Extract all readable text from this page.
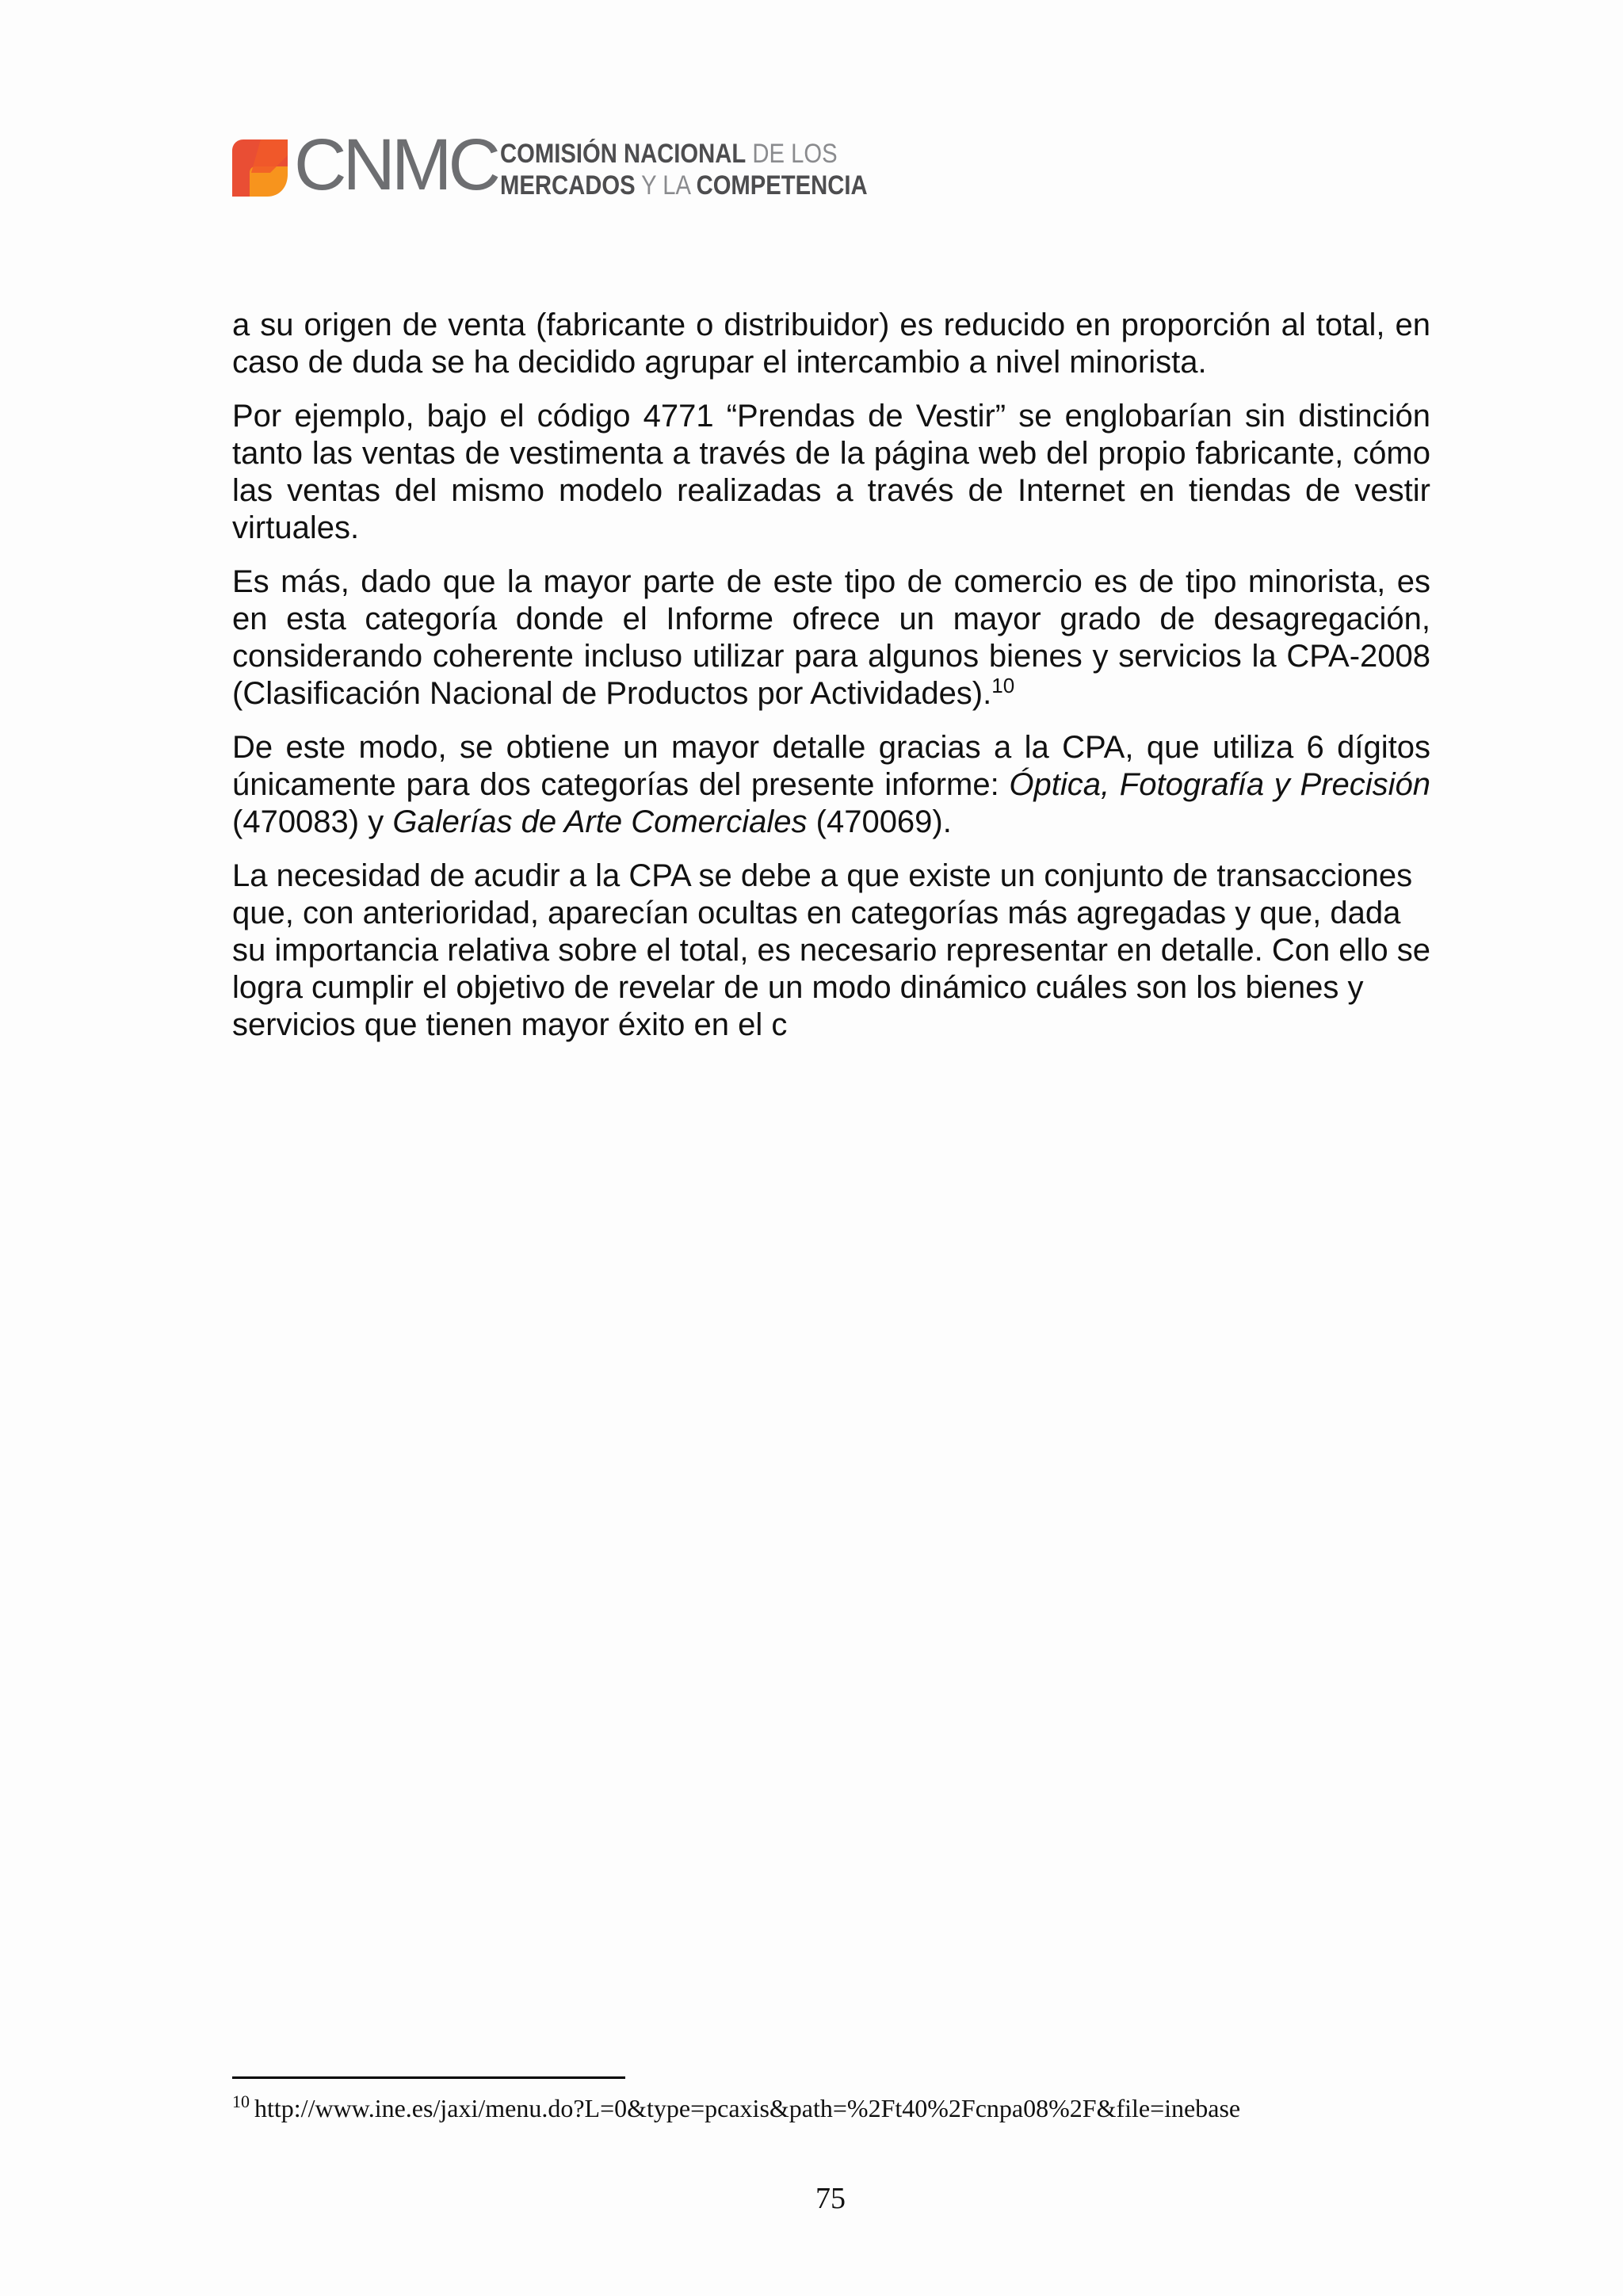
CNMC COMISIÓN NACIONAL DE LOS
MERCADOS Y LA COMPETENCIA

a su origen de venta (fabricante o distribuidor) es reducido en proporción al total, en caso de duda se ha decidido agrupar el intercambio a nivel minorista.

Por ejemplo, bajo el código 4771 “Prendas de Vestir” se englobarían sin distinción tanto las ventas de vestimenta a través de la página web del propio fabricante, cómo las ventas del mismo modelo realizadas a través de Internet en tiendas de vestir virtuales.

Es más, dado que la mayor parte de este tipo de comercio es de tipo minorista, es en esta categoría donde el Informe ofrece un mayor grado de desagregación, considerando coherente incluso utilizar para algunos bienes y servicios la CPA-2008 (Clasificación Nacional de Productos por Actividades).$^{10}$

De este modo, se obtiene un mayor detalle gracias a la CPA, que utiliza 6 dígitos únicamente para dos categorías del presente informe: Óptica, Fotografía y Precisión (470083) y Galerías de Arte Comerciales (470069).

La necesidad de acudir a la CPA se debe a que existe un conjunto de transacciones que, con anterioridad, aparecían ocultas en categorías más agregadas y que, dada su importancia relativa sobre el total, es necesario representar en detalle. Con ello se logra cumplir el objetivo de revelar de un modo dinámico cuáles son los bienes y servicios que tienen mayor éxito en el c

$^{10}$ http://www.ine.es/jaxi/menu.do?L=0&type=pcaxis&path=%2Ft40%2Fcnpa08%2F&file=inebase
75
